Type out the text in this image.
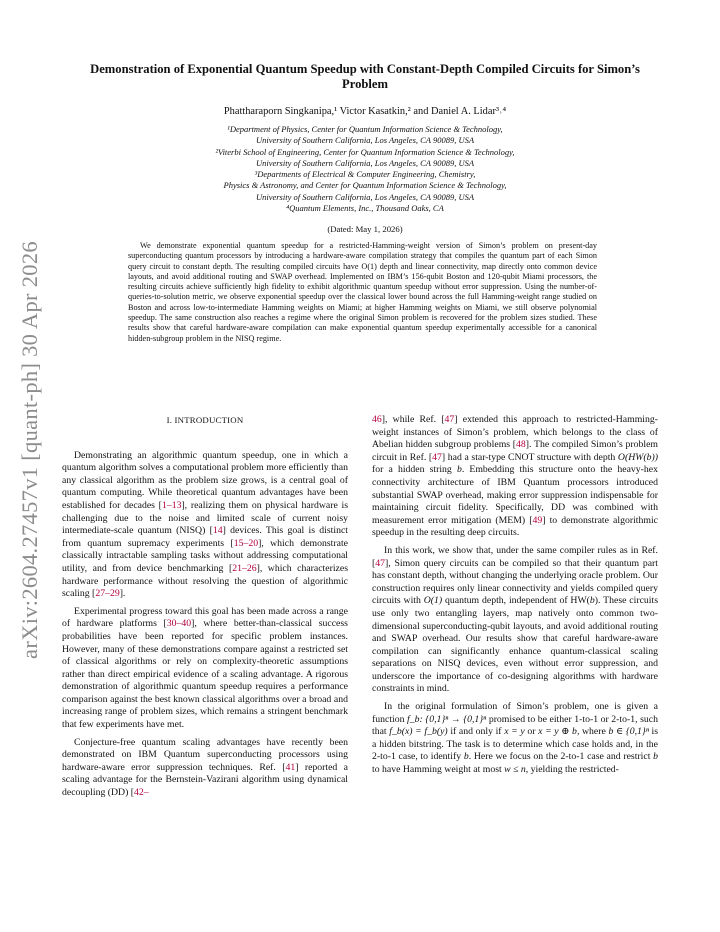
arXiv:2604.27457v1 [quant-ph] 30 Apr 2026
Demonstration of Exponential Quantum Speedup with Constant-Depth Compiled Circuits for Simon’s Problem
Phattharaporn Singkanipa,¹ Victor Kasatkin,² and Daniel A. Lidar³˒⁴
¹Department of Physics, Center for Quantum Information Science & Technology,
University of Southern California, Los Angeles, CA 90089, USA
²Viterbi School of Engineering, Center for Quantum Information Science & Technology,
University of Southern California, Los Angeles, CA 90089, USA
³Departments of Electrical & Computer Engineering, Chemistry,
Physics & Astronomy, and Center for Quantum Information Science & Technology,
University of Southern California, Los Angeles, CA 90089, USA
⁴Quantum Elements, Inc., Thousand Oaks, CA
(Dated: May 1, 2026)
We demonstrate exponential quantum speedup for a restricted-Hamming-weight version of Simon’s problem on present-day superconducting quantum processors by introducing a hardware-aware compilation strategy that compiles the quantum part of each Simon query circuit to constant depth. The resulting compiled circuits have O(1) depth and linear connectivity, map directly onto common device layouts, and avoid additional routing and SWAP overhead. Implemented on IBM’s 156-qubit Boston and 120-qubit Miami processors, the resulting circuits achieve sufficiently high fidelity to exhibit algorithmic quantum speedup without error suppression. Using the number-of-queries-to-solution metric, we observe exponential speedup over the classical lower bound across the full Hamming-weight range studied on Boston and across low-to-intermediate Hamming weights on Miami; at higher Hamming weights on Miami, we still observe polynomial speedup. The same construction also reaches a regime where the original Simon problem is recovered for the problem sizes studied. These results show that careful hardware-aware compilation can make exponential quantum speedup experimentally accessible for a canonical hidden-subgroup problem in the NISQ regime.
I. INTRODUCTION

Demonstrating an algorithmic quantum speedup, one in which a quantum algorithm solves a computational problem more efficiently than any classical algorithm as the problem size grows, is a central goal of quantum computing. While theoretical quantum advantages have been established for decades [1–13], realizing them on physical hardware is challenging due to the noise and limited scale of current noisy intermediate-scale quantum (NISQ) [14] devices. This goal is distinct from quantum supremacy experiments [15–20], which demonstrate classically intractable sampling tasks without addressing computational utility, and from device benchmarking [21–26], which characterizes hardware performance without resolving the question of algorithmic scaling [27–29].

Experimental progress toward this goal has been made across a range of hardware platforms [30–40], where better-than-classical success probabilities have been reported for specific problem instances. However, many of these demonstrations compare against a restricted set of classical algorithms or rely on complexity-theoretic assumptions rather than direct empirical evidence of a scaling advantage. A rigorous demonstration of algorithmic quantum speedup requires a performance comparison against the best known classical algorithms over a broad and increasing range of problem sizes, which remains a stringent benchmark that few experiments have met.

Conjecture-free quantum scaling advantages have recently been demonstrated on IBM Quantum superconducting processors using hardware-aware error suppression techniques. Ref. [41] reported a scaling advantage for the Bernstein-Vazirani algorithm using dynamical decoupling (DD) [42–

46], while Ref. [47] extended this approach to restricted-Hamming-weight instances of Simon’s problem, which belongs to the class of Abelian hidden subgroup problems [48]. The compiled Simon’s problem circuit in Ref. [47] had a star-type CNOT structure with depth O(HW(b)) for a hidden string b. Embedding this structure onto the heavy-hex connectivity architecture of IBM Quantum processors introduced substantial SWAP overhead, making error suppression indispensable for maintaining circuit fidelity. Specifically, DD was combined with measurement error mitigation (MEM) [49] to demonstrate algorithmic speedup in the resulting deep circuits.

In this work, we show that, under the same compiler rules as in Ref. [47], Simon query circuits can be compiled so that their quantum part has constant depth, without changing the underlying oracle problem. Our construction requires only linear connectivity and yields compiled query circuits with O(1) quantum depth, independent of HW(b). These circuits use only two entangling layers, map natively onto common two-dimensional superconducting-qubit layouts, and avoid additional routing and SWAP overhead. Our results show that careful hardware-aware compilation can significantly enhance quantum-classical scaling separations on NISQ devices, even without error suppression, and underscore the importance of co-designing algorithms with hardware constraints in mind.

In the original formulation of Simon’s problem, one is given a function f_b: {0,1}ⁿ → {0,1}ⁿ promised to be either 1-to-1 or 2-to-1, such that f_b(x) = f_b(y) if and only if x = y or x = y ⊕ b, where b ∈ {0,1}ⁿ is a hidden bitstring. The task is to determine which case holds and, in the 2-to-1 case, to identify b. Here we focus on the 2-to-1 case and restrict b to have Hamming weight at most w ≤ n, yielding the restricted-
